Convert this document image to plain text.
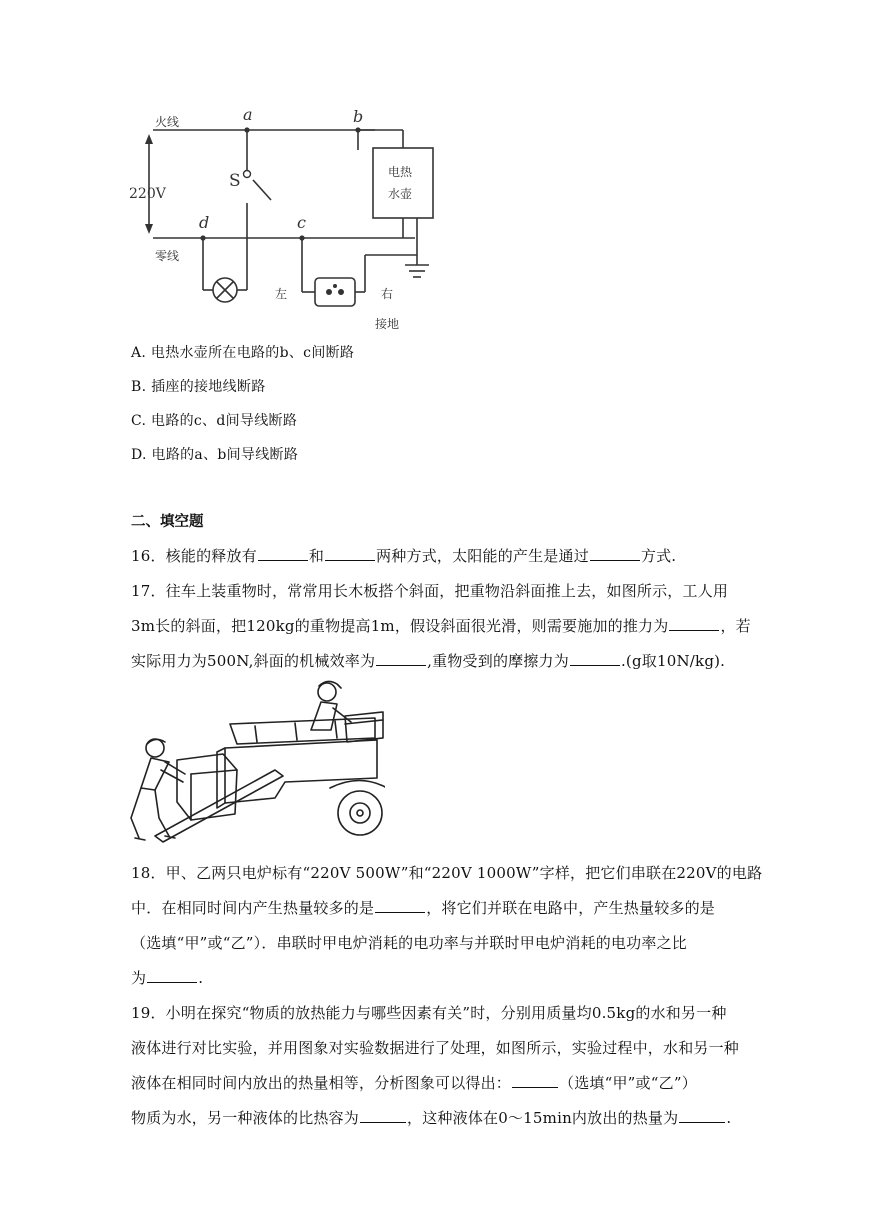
火线
零线
220V
a	b
c
d
S	电热
水壶
左	右
接地
A. 电热水壶所在电路的b、c间断路
B. 插座的接地线断路
C. 电路的c、d间导线断路
D. 电路的a、b间导线断路
二、填空题
16．核能的释放有	和	两种方式，太阳能的产生是通过	方式.
17．往车上装重物时，常常用长木板搭个斜面，把重物沿斜面推上去，如图所示，工人用
3m长的斜面，把120kg的重物提高1m，假设斜面很光滑，则需要施加的推力为	，若
实际用力为500N,斜面的机械效率为	,重物受到的摩擦力为	.(g取10N/kg).
18．甲、乙两只电炉标有“220V 500W”和“220V 1000W”字样，把它们串联在220V的电路
中．在相同时间内产生热量较多的是	，将它们并联在电路中，产生热量较多的是
（选填“甲”或“乙”）．串联时甲电炉消耗的电功率与并联时甲电炉消耗的电功率之比
为	.
19．小明在探究“物质的放热能力与哪些因素有关”时，分别用质量均0.5kg的水和另一种
液体进行对比实验，并用图象对实验数据进行了处理，如图所示，实验过程中，水和另一种
液体在相同时间内放出的热量相等，分析图象可以得出：	（选填“甲”或“乙”）
物质为水，另一种液体的比热容为	，这种液体在0～15min内放出的热量为	.
